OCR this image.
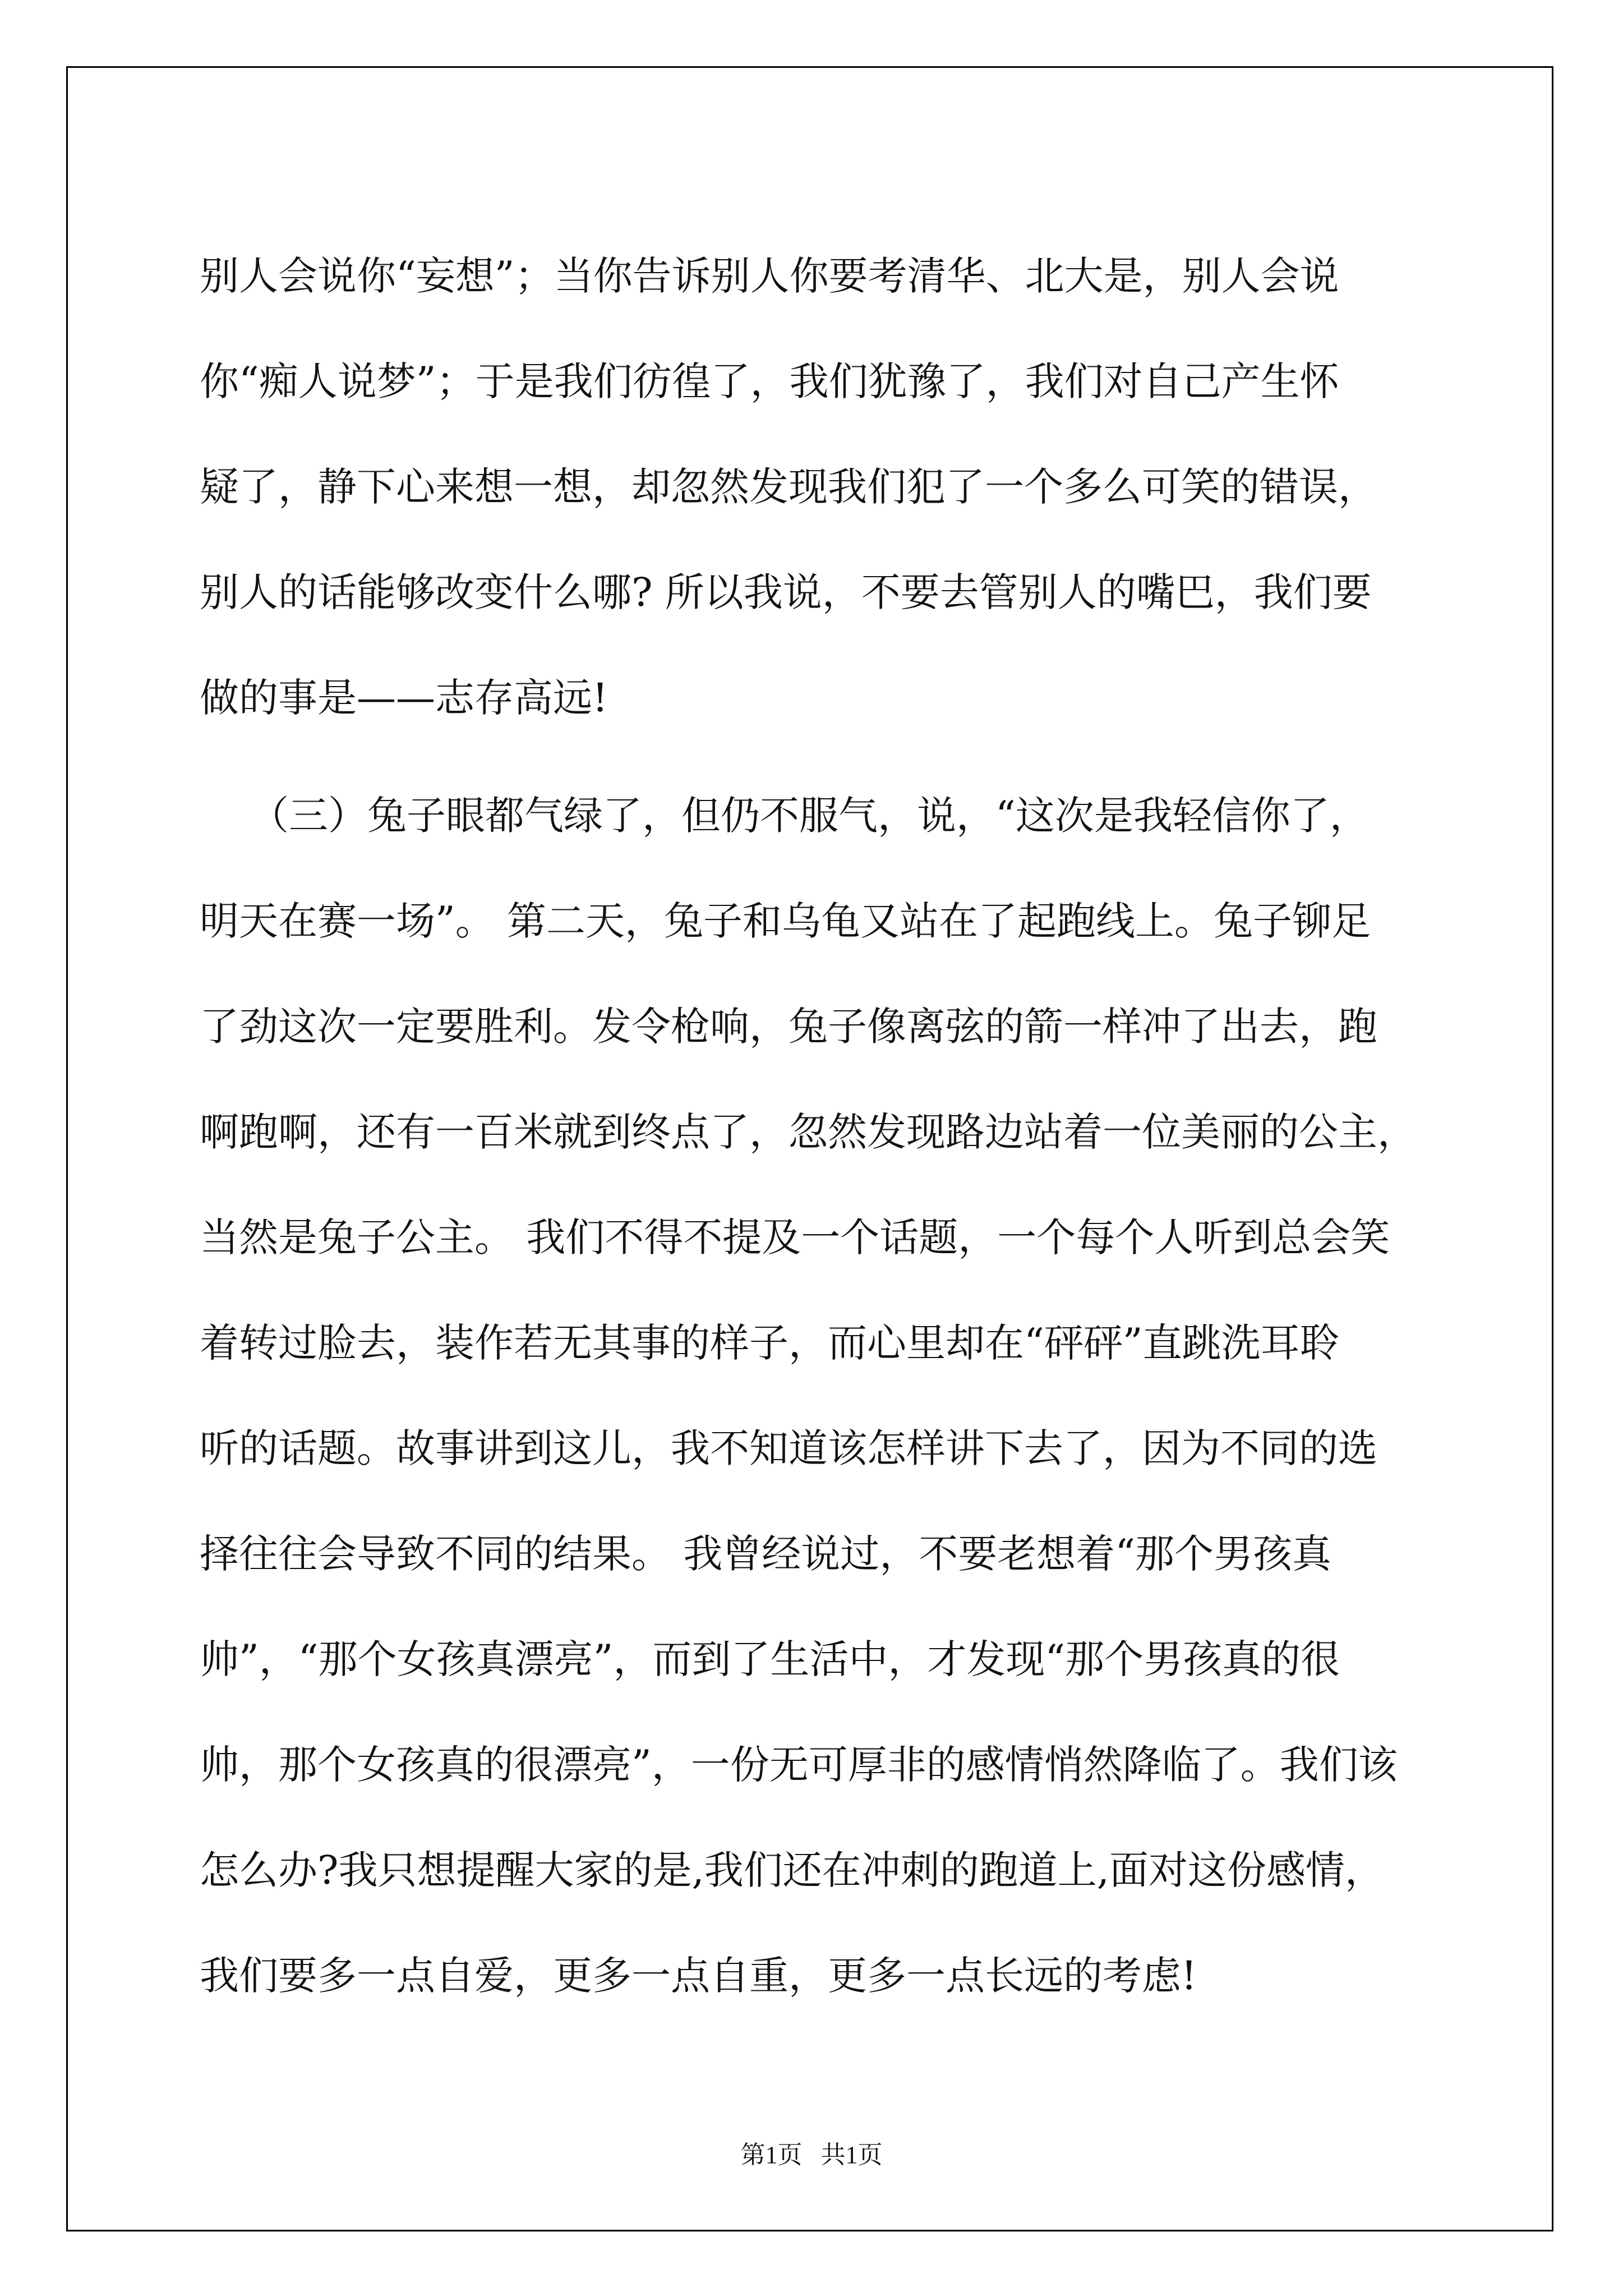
别人会说你“妄想”；当你告诉别人你要考清华、北大是，别人会说
你“痴人说梦”；于是我们彷徨了，我们犹豫了，我们对自己产生怀
疑了，静下心来想一想，却忽然发现我们犯了一个多么可笑的错误，
别人的话能够改变什么哪? 所以我说，不要去管别人的嘴巴，我们要
做的事是——志存高远!
（三）兔子眼都气绿了，但仍不服气，说，“这次是我轻信你了，
明天在赛一场”。 第二天，兔子和乌龟又站在了起跑线上。兔子铆足
了劲这次一定要胜利。发令枪响，兔子像离弦的箭一样冲了出去，跑
啊跑啊，还有一百米就到终点了，忽然发现路边站着一位美丽的公主，
当然是兔子公主。 我们不得不提及一个话题，一个每个人听到总会笑
着转过脸去，装作若无其事的样子，而心里却在“砰砰”直跳洗耳聆
听的话题。故事讲到这儿，我不知道该怎样讲下去了，因为不同的选
择往往会导致不同的结果。 我曾经说过，不要老想着“那个男孩真
帅”，“那个女孩真漂亮”，而到了生活中，才发现“那个男孩真的很
帅，那个女孩真的很漂亮”，一份无可厚非的感情悄然降临了。我们该
怎么办?我只想提醒大家的是,我们还在冲刺的跑道上,面对这份感情，
我们要多一点自爱，更多一点自重，更多一点长远的考虑!
第1页   共1页
